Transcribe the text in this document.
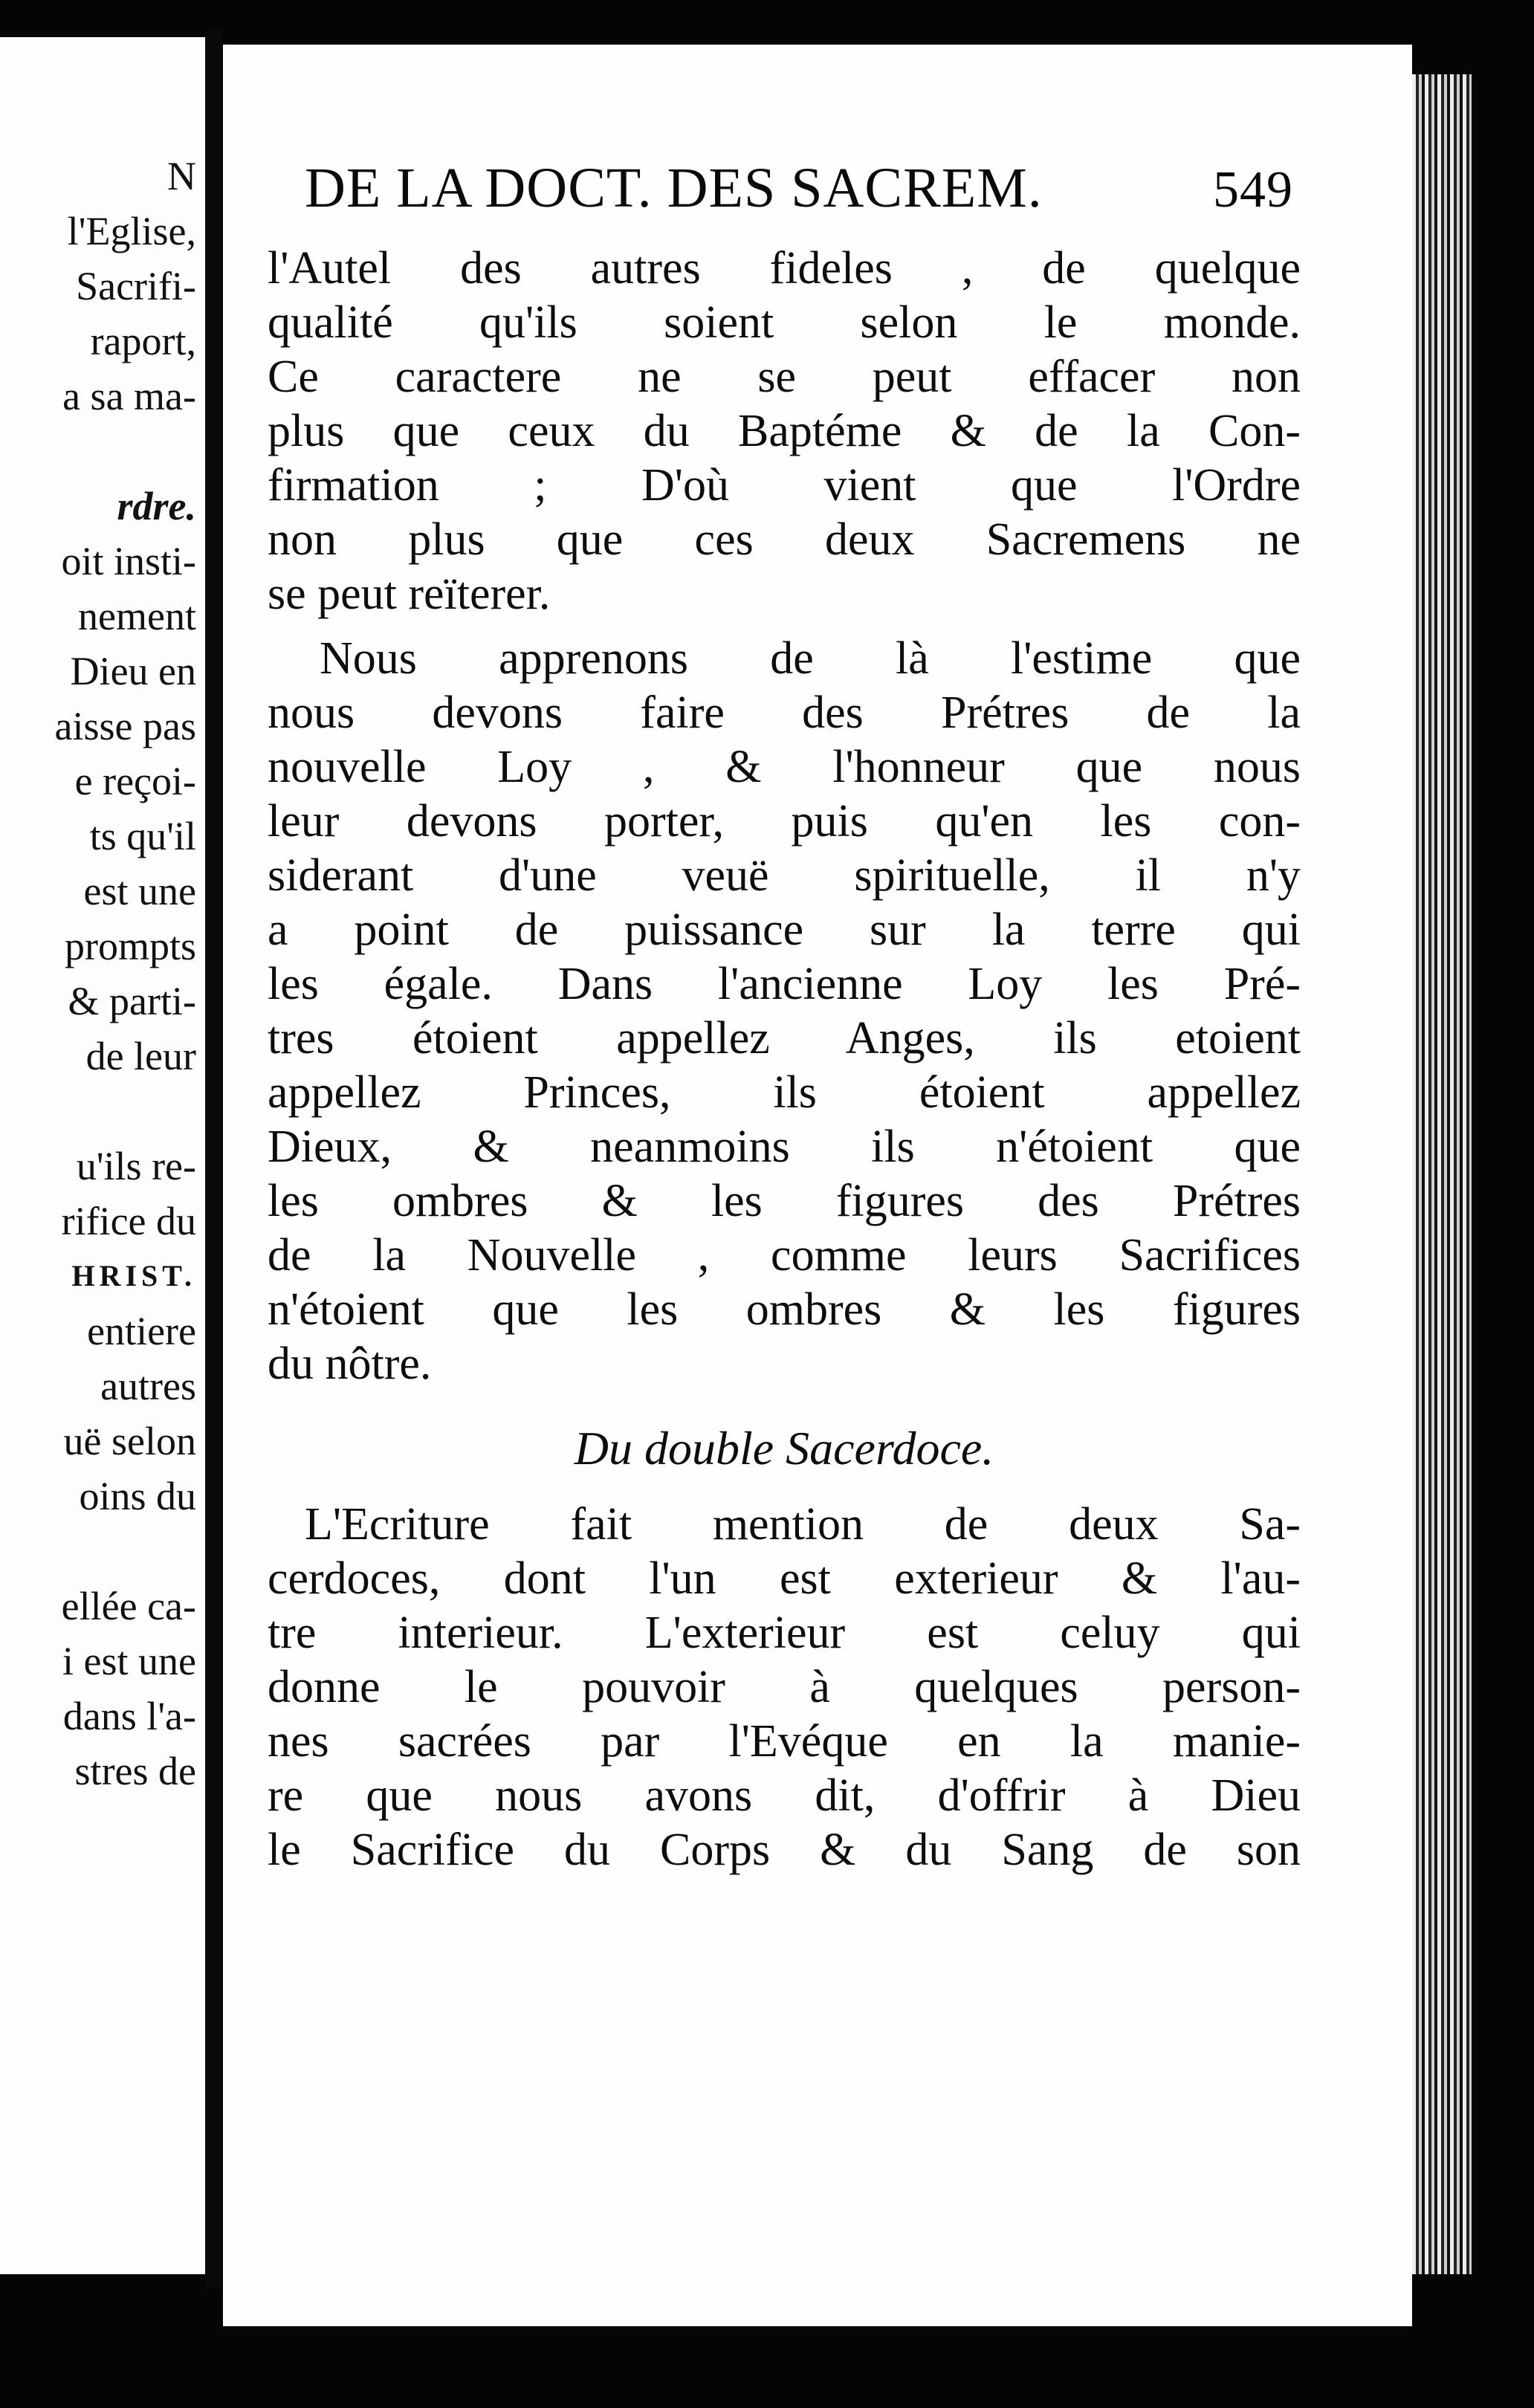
N
l'Eglise,
Sacrifi-
raport,
a sa ma-
rdre.
oit insti-
nement
Dieu en
aisse pas
e reçoi-
ts qu'il
est une
prompts
& parti-
de leur
u'ils re-
rifice du
HRIST.
entiere
autres
uë selon
oins du
ellée ca-
i est une
dans l'a-
stres de
DE LA DOCT. DES SACREM.	549
l'Autel des autres fideles , de quelque
qualité qu'ils soient selon le monde.
Ce caractere ne se peut effacer non
plus que ceux du Baptéme & de la Con-
firmation ; D'où vient que l'Ordre
non plus que ces deux Sacremens ne
se peut reïterer.
Nous apprenons de là l'estime que
nous devons faire des Prétres de la
nouvelle Loy , & l'honneur que nous
leur devons porter, puis qu'en les con-
siderant d'une veuë spirituelle, il n'y
a point de puissance sur la terre qui
les égale. Dans l'ancienne Loy les Pré-
tres étoient appellez Anges, ils etoient
appellez Princes, ils étoient appellez
Dieux, & neanmoins ils n'étoient que
les ombres & les figures des Prétres
de la Nouvelle , comme leurs Sacrifices
n'étoient que les ombres & les figures
du nôtre.
Du double Sacerdoce.
L'Ecriture fait mention de deux Sa-
cerdoces, dont l'un est exterieur & l'au-
tre interieur. L'exterieur est celuy qui
donne le pouvoir à quelques person-
nes sacrées par l'Evéque en la manie-
re que nous avons dit, d'offrir à Dieu
le Sacrifice du Corps & du Sang de son
